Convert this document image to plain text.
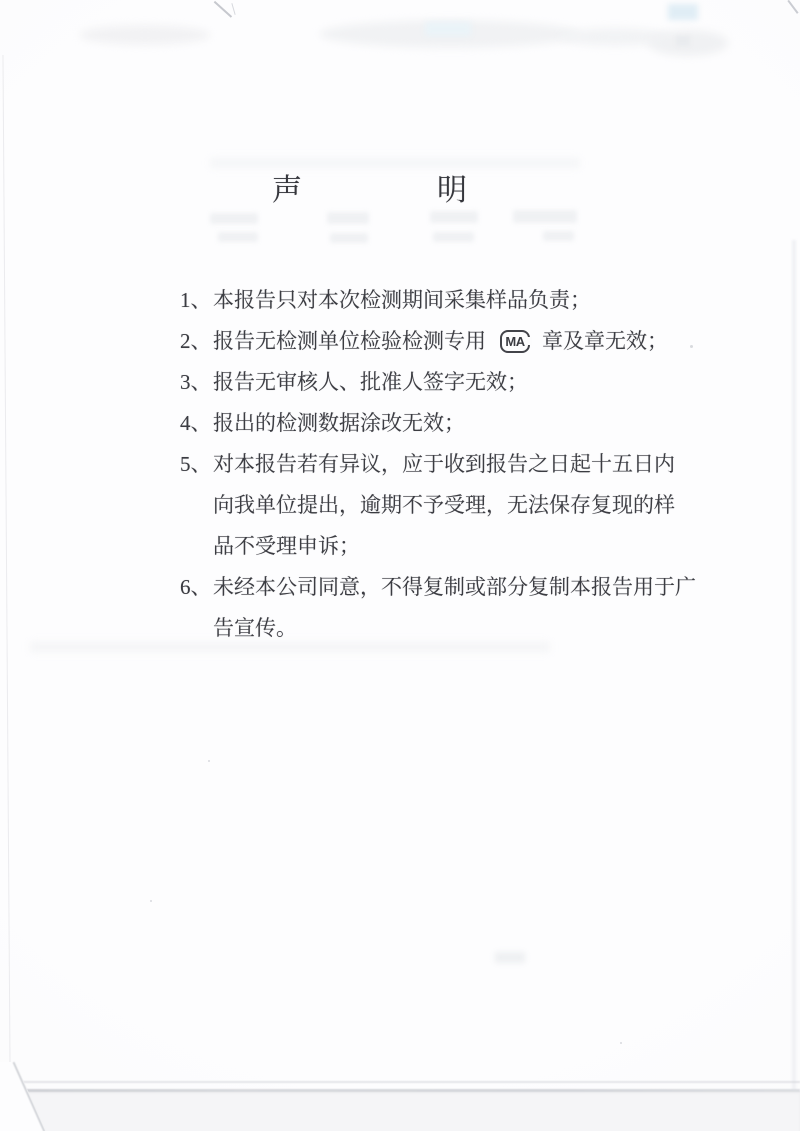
声明
1、 本报告只对本次检测期间采集样品负责；
2、 报告无检测单位检验检测专用 MA 章及章无效；
3、 报告无审核人、批准人签字无效；
4、 报出的检测数据涂改无效；
5、 对本报告若有异议，应于收到报告之日起十五日内向我单位提出，逾期不予受理，无法保存复现的样品不受理申诉；
6、 未经本公司同意，不得复制或部分复制本报告用于广告宣传。
